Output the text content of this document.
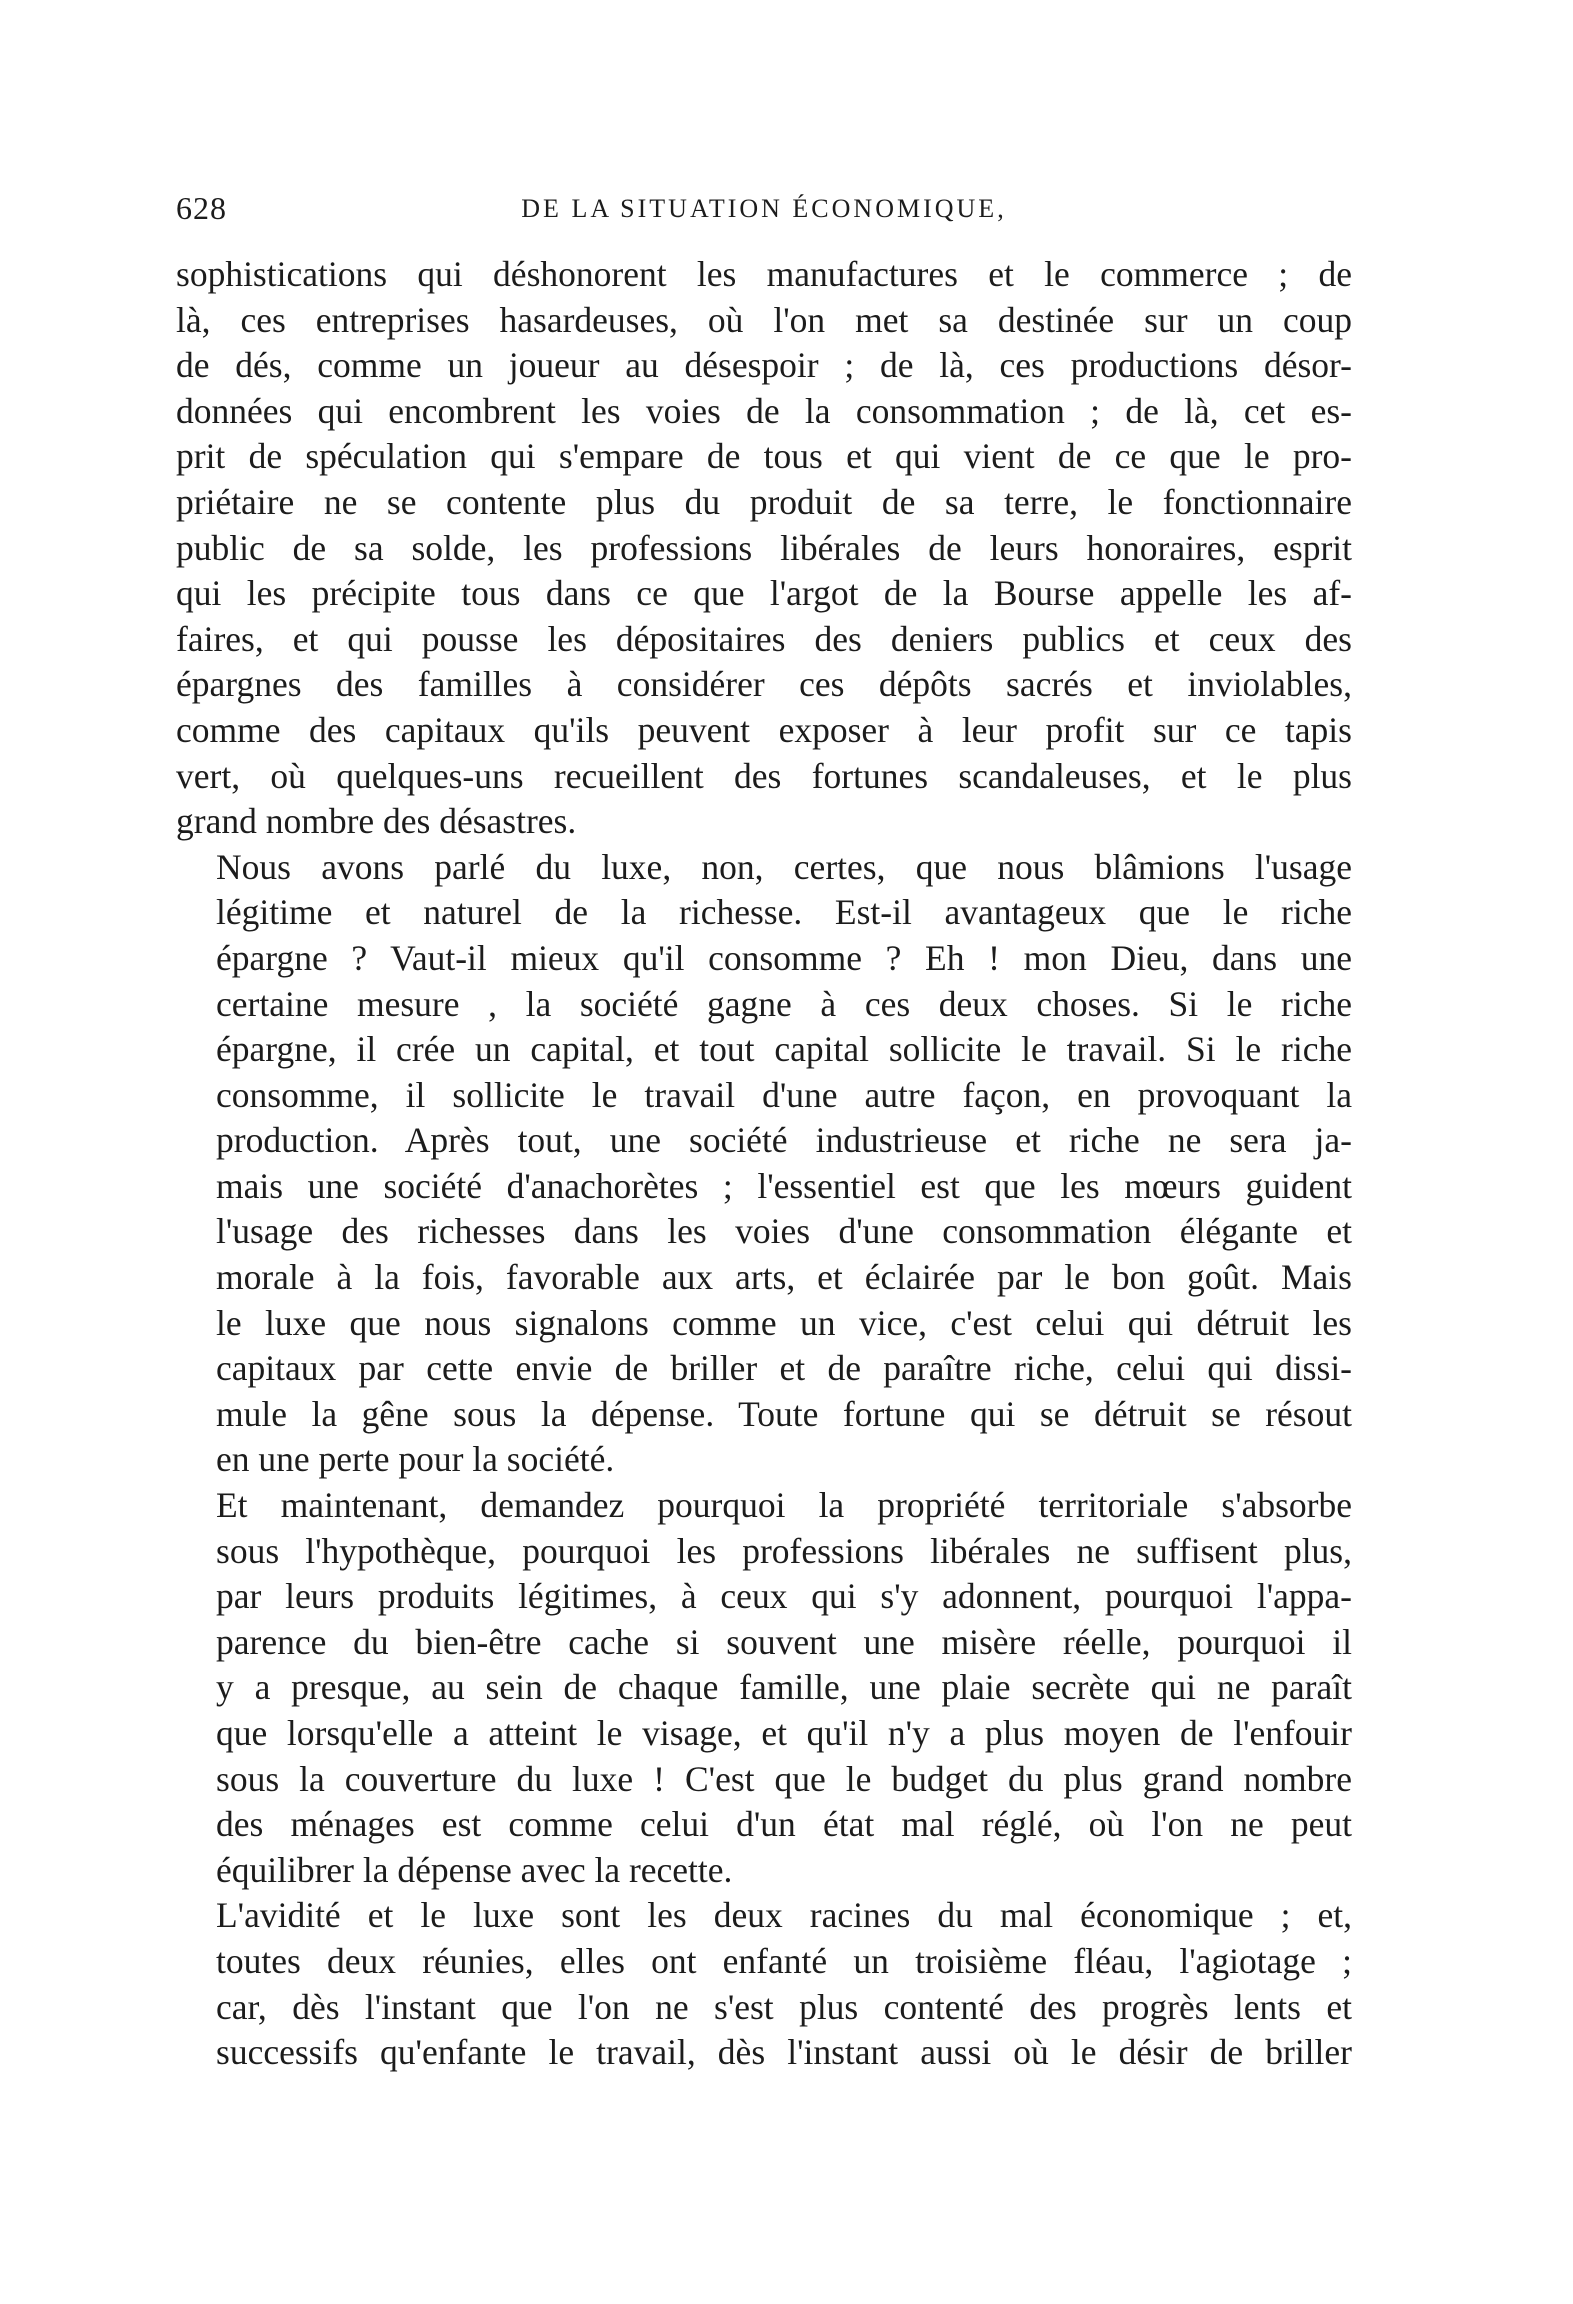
628	DE LA SITUATION ÉCONOMIQUE,

sophistications qui déshonorent les manufactures et le commerce ; de
là, ces entreprises hasardeuses, où l'on met sa destinée sur un coup
de dés, comme un joueur au désespoir ; de là, ces productions désor-
données qui encombrent les voies de la consommation ; de là, cet es-
prit de spéculation qui s'empare de tous et qui vient de ce que le pro-
priétaire ne se contente plus du produit de sa terre, le fonctionnaire
public de sa solde, les professions libérales de leurs honoraires, esprit
qui les précipite tous dans ce que l'argot de la Bourse appelle les af-
faires, et qui pousse les dépositaires des deniers publics et ceux des
épargnes des familles à considérer ces dépôts sacrés et inviolables,
comme des capitaux qu'ils peuvent exposer à leur profit sur ce tapis
vert, où quelques-uns recueillent des fortunes scandaleuses, et le plus
grand nombre des désastres.

Nous avons parlé du luxe, non, certes, que nous blâmions l'usage
légitime et naturel de la richesse. Est-il avantageux que le riche
épargne ? Vaut-il mieux qu'il consomme ? Eh ! mon Dieu, dans une
certaine mesure , la société gagne à ces deux choses. Si le riche
épargne, il crée un capital, et tout capital sollicite le travail. Si le riche
consomme, il sollicite le travail d'une autre façon, en provoquant la
production. Après tout, une société industrieuse et riche ne sera ja-
mais une société d'anachorètes ; l'essentiel est que les mœurs guident
l'usage des richesses dans les voies d'une consommation élégante et
morale à la fois, favorable aux arts, et éclairée par le bon goût. Mais
le luxe que nous signalons comme un vice, c'est celui qui détruit les
capitaux par cette envie de briller et de paraître riche, celui qui dissi-
mule la gêne sous la dépense. Toute fortune qui se détruit se résout
en une perte pour la société.

Et maintenant, demandez pourquoi la propriété territoriale s'absorbe
sous l'hypothèque, pourquoi les professions libérales ne suffisent plus,
par leurs produits légitimes, à ceux qui s'y adonnent, pourquoi l'appa-
parence du bien-être cache si souvent une misère réelle, pourquoi il
y a presque, au sein de chaque famille, une plaie secrète qui ne paraît
que lorsqu'elle a atteint le visage, et qu'il n'y a plus moyen de l'enfouir
sous la couverture du luxe ! C'est que le budget du plus grand nombre
des ménages est comme celui d'un état mal réglé, où l'on ne peut
équilibrer la dépense avec la recette.

L'avidité et le luxe sont les deux racines du mal économique ; et,
toutes deux réunies, elles ont enfanté un troisième fléau, l'agiotage ;
car, dès l'instant que l'on ne s'est plus contenté des progrès lents et
successifs qu'enfante le travail, dès l'instant aussi où le désir de briller
